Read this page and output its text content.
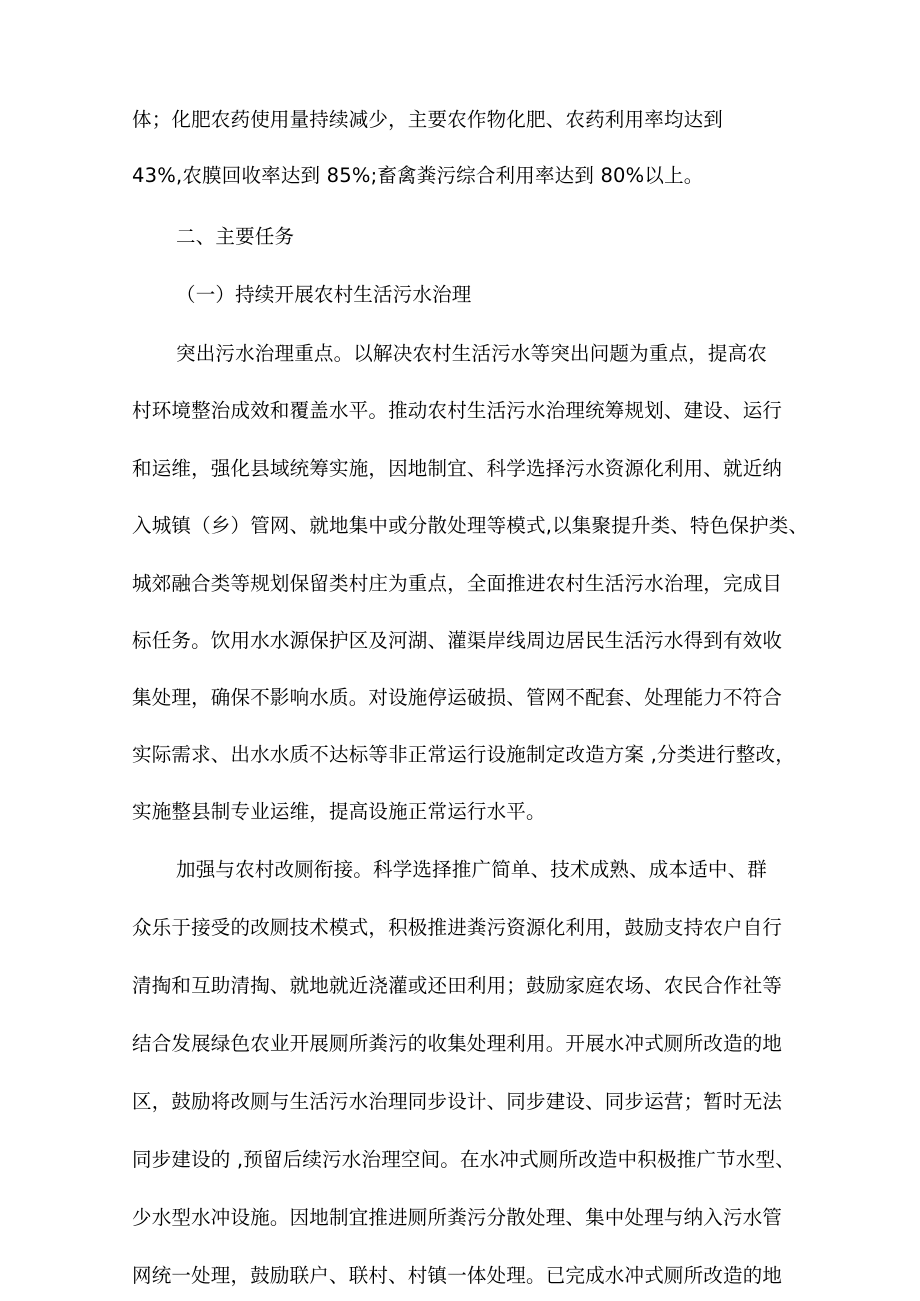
体；化肥农药使用量持续减少，主要农作物化肥、农药利用率均达到
43%,农膜回收率达到 85%;畜禽粪污综合利用率达到 80%以上。
二、主要任务
（一）持续开展农村生活污水治理
突出污水治理重点。以解决农村生活污水等突出问题为重点，提高农
村环境整治成效和覆盖水平。推动农村生活污水治理统筹规划、建设、运行
和运维，强化县域统筹实施，因地制宜、科学选择污水资源化利用、就近纳
入城镇（乡）管网、就地集中或分散处理等模式,以集聚提升类、特色保护类、
城郊融合类等规划保留类村庄为重点，全面推进农村生活污水治理，完成目
标任务。饮用水水源保护区及河湖、灌渠岸线周边居民生活污水得到有效收
集处理，确保不影响水质。对设施停运破损、管网不配套、处理能力不符合
实际需求、出水水质不达标等非正常运行设施制定改造方案 ,分类进行整改，
实施整县制专业运维，提高设施正常运行水平。
加强与农村改厕衔接。科学选择推广简单、技术成熟、成本适中、群
众乐于接受的改厕技术模式，积极推进粪污资源化利用，鼓励支持农户自行
清掏和互助清掏、就地就近浇灌或还田利用；鼓励家庭农场、农民合作社等
结合发展绿色农业开展厕所粪污的收集处理利用。开展水冲式厕所改造的地
区，鼓励将改厕与生活污水治理同步设计、同步建设、同步运营；暂时无法
同步建设的 ,预留后续污水治理空间。在水冲式厕所改造中积极推广节水型、
少水型水冲设施。因地制宜推进厕所粪污分散处理、集中处理与纳入污水管
网统一处理，鼓励联户、联村、村镇一体处理。已完成水冲式厕所改造的地
